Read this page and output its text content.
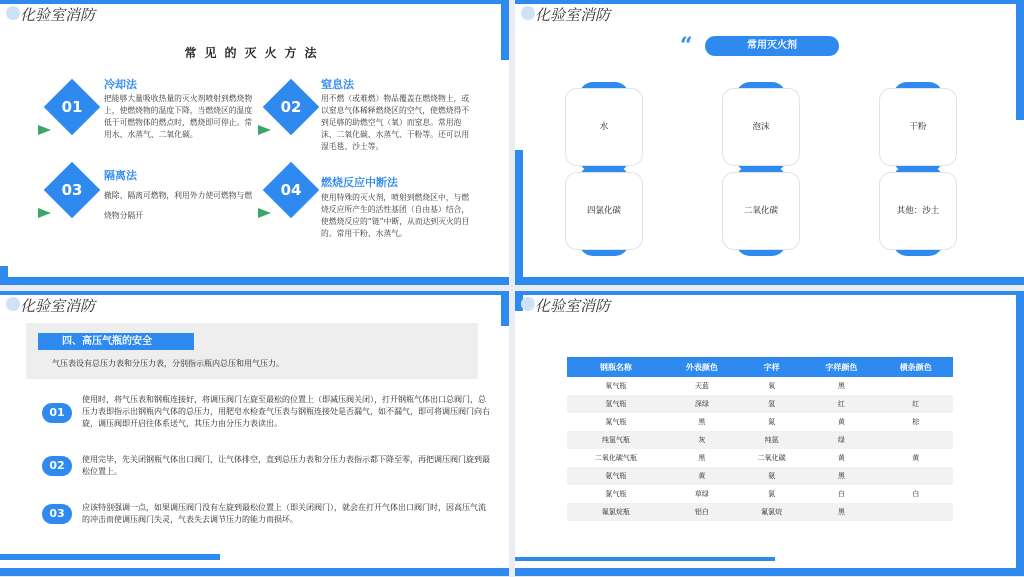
化验室消防
常见的灭火方法
01
冷却法
把能够大量吸收热量的灭火剂喷射到燃烧物上，使燃烧物的温度下降，当燃烧区的温度低于可燃物体的燃点时，燃烧即可停止。常用水、水蒸气、二氧化碳。
02
窒息法
用不燃（或难燃）物品覆盖在燃烧物上，或以窒息气体稀释燃烧区的空气，使燃烧得不到足够的助燃空气（氧）而窒息。常用泡沫、二氧化碳、水蒸气、干粉等。还可以用湿毛毯、沙土等。
03
隔离法
撤除、隔离可燃物，利用外力使可燃物与燃烧物分隔开
04	燃烧反应中断法
使用特殊的灭火剂，喷射到燃烧区中，与燃烧反应所产生的活性基团（自由基）结合，使燃烧反应的“链”中断，从而达到灭火的目的。常用干粉、水蒸气。
化验室消防
“	常用灭火剂
水	泡沫	干粉
四氯化碳	二氧化碳	其他：沙土
化验室消防
四、高压气瓶的安全
气压表设有总压力表和分压力表，分别指示瓶内总压和用气压力。
01
使用时，将气压表和钢瓶连接好，将调压阀门左旋至最松的位置上（即减压阀关闭），打开钢瓶气体出口总阀门，总压力表即指示出钢瓶内气体的总压力，用肥皂水检查气压表与钢瓶连接处是否漏气，如不漏气，即可将调压阀门向右旋，调压阀即开启往体系送气，其压力由分压力表读出。
02	使用完毕，先关闭钢瓶气体出口阀门，让气体排空，直到总压力表和分压力表指示都下降至零，再把调压阀门旋到最松位置上。
03	应该特别强调一点，如果调压阀门没有左旋到最松位置上（即关闭阀门），就会在打开气体出口阀门时，因高压气流的冲击而使调压阀门失灵，气表失去调节压力的能力而损坏。
化验室消防
钢瓶名称	外表颜色	字样	字样颜色	横条颜色
氧气瓶	天蓝	氧	黑	
氢气瓶	深绿	氢	红	红
氮气瓶	黑	氮	黄	棕
纯氩气瓶	灰	纯氩	绿	
二氧化碳气瓶	黑	二氧化碳	黄	黄
氨气瓶	黄	氨	黑	
氯气瓶	草绿	氯	白	白
氟氯烷瓶	铝白	氟氯烷	黑	
